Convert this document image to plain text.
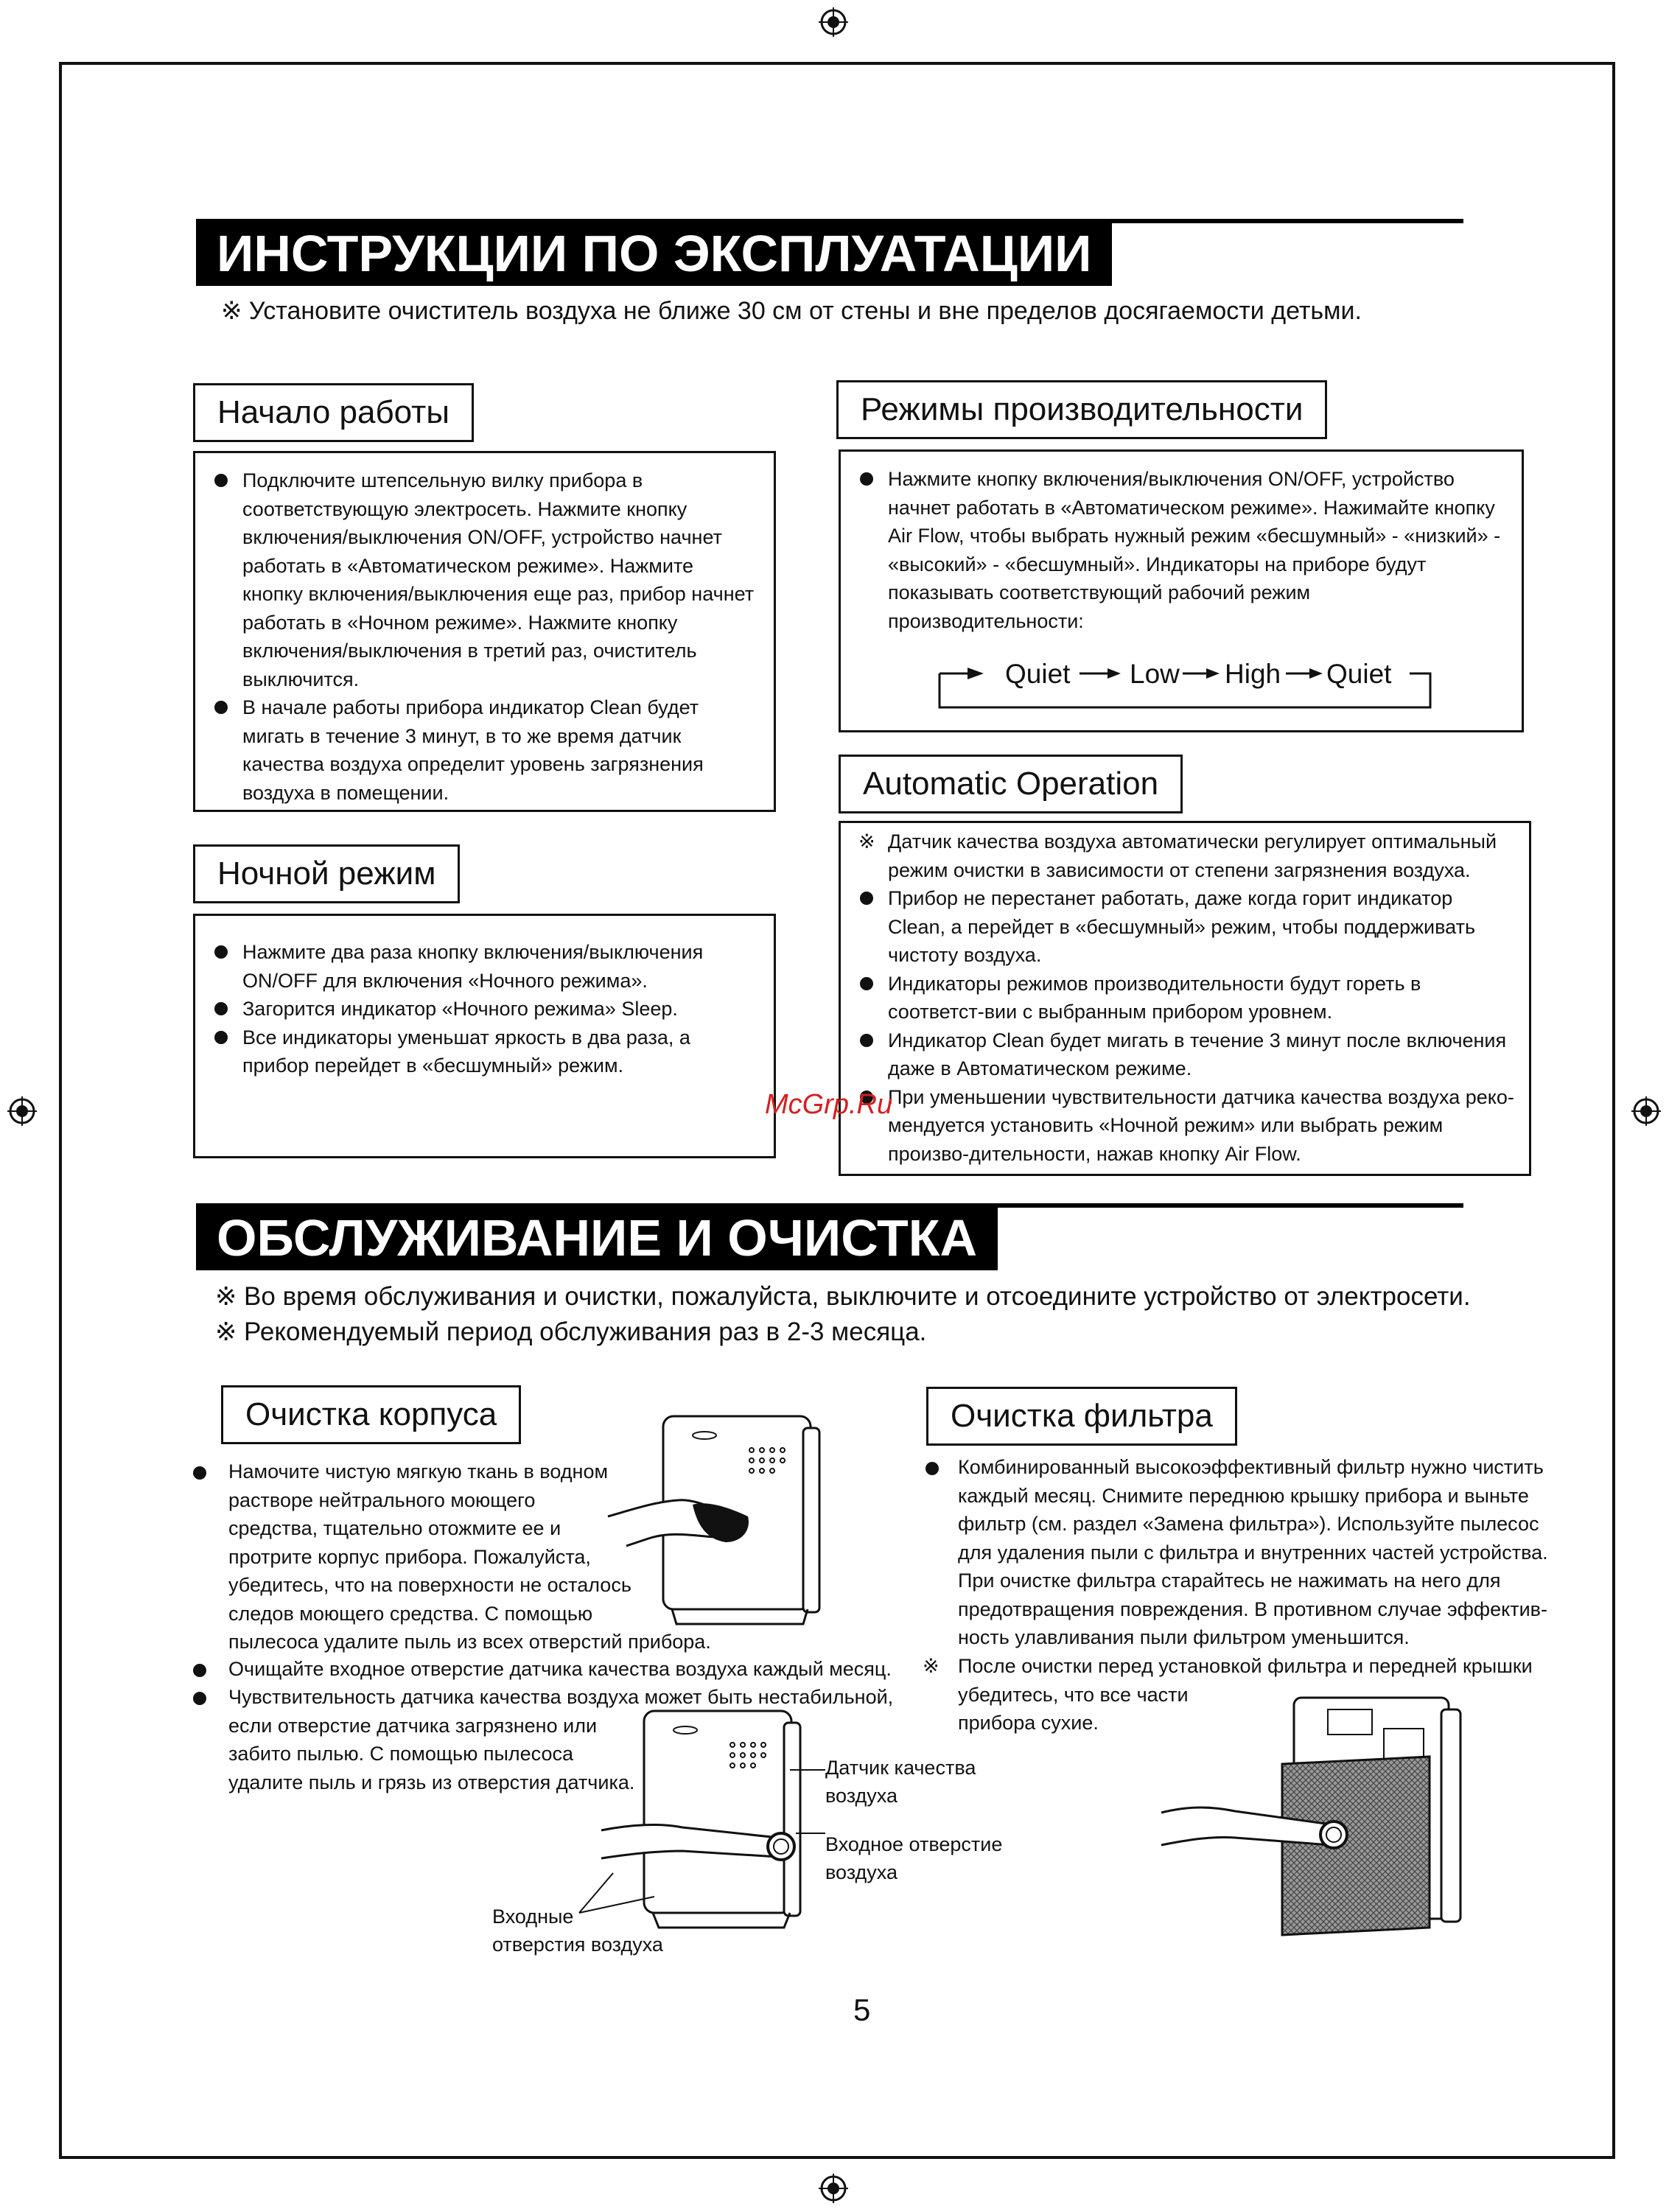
ИНСТРУКЦИИ ПО ЭКСПЛУАТАЦИИ
※ Установите очиститель воздуха не ближе 30 см от стены и вне пределов досягаемости детьми.
Начало работы
Подключите штепсельную вилку прибора в соответствующую электросеть. Нажмите кнопку включения/выключения ON/OFF, устройство начнет работать в «Автоматическом режиме». Нажмите кнопку включения/выключения еще раз, прибор начнет работать в «Ночном режиме». Нажмите кнопку включения/выключения в третий раз, очиститель выключится.
В начале работы прибора индикатор Clean будет мигать в течение 3 минут, в то же время датчик качества воздуха определит уровень загрязнения воздуха в помещении.
Ночной режим
Нажмите два раза кнопку включения/выключения ON/OFF для включения «Ночного режима».
Загорится индикатор «Ночного режима» Sleep.
Все индикаторы уменьшат яркость в два раза, а прибор перейдет в «бесшумный» режим.
Режимы производительности
Нажмите кнопку включения/выключения ON/OFF, устройство начнет работать в «Автоматическом режиме». Нажимайте кнопку Air Flow, чтобы выбрать нужный режим «бесшумный» - «низкий» - «высокий» - «бесшумный». Индикаторы на приборе будут показывать соответствующий рабочий режим производительности:
Quiet Low High Quiet
Automatic Operation
※ Датчик качества воздуха автоматически регулирует оптимальный режим очистки в зависимости от степени загрязнения воздуха.
Прибор не перестанет работать, даже когда горит индикатор Clean, а перейдет в «бесшумный» режим, чтобы поддерживать чистоту воздуха.
Индикаторы режимов производительности будут гореть в соответст-вии с выбранным прибором уровнем.
Индикатор Clean будет мигать в течение 3 минут после включения даже в Автоматическом режиме.
При уменьшении чувствительности датчика качества воздуха реко-мендуется установить «Ночной режим» или выбрать режим произво-дительности, нажав кнопку Air Flow.
McGrp.Ru
ОБСЛУЖИВАНИЕ И ОЧИСТКА
※ Во время обслуживания и очистки, пожалуйста, выключите и отсоедините устройство от электросети.
※ Рекомендуемый период обслуживания раз в 2-3 месяца.
Очистка корпуса
Намочите чистую мягкую ткань в водном
растворе нейтрального моющего
средства, тщательно отожмите ее и
протрите корпус прибора. Пожалуйста,
убедитесь, что на поверхности не осталось
следов моющего средства. С помощью
пылесоса удалите пыль из всех отверстий прибора.
Очищайте входное отверстие датчика качества воздуха каждый месяц.
Чувствительность датчика качества воздуха может быть нестабильной,
если отверстие датчика загрязнено или
забито пылью. С помощью пылесоса
удалите пыль и грязь из отверстия датчика.
Датчик качества
воздуха
Входное отверстие
воздуха
Входные
отверстия воздуха
Очистка фильтра
Комбинированный высокоэффективный фильтр нужно чистить
каждый месяц. Снимите переднюю крышку прибора и выньте
фильтр (см. раздел «Замена фильтра»). Используйте пылесос
для удаления пыли с фильтра и внутренних частей устройства.
При очистке фильтра старайтесь не нажимать на него для
предотвращения повреждения. В противном случае эффектив-
ность улавливания пыли фильтром уменьшится.
※ После очистки перед установкой фильтра и передней крышки
убедитесь, что все части
прибора сухие.
5
